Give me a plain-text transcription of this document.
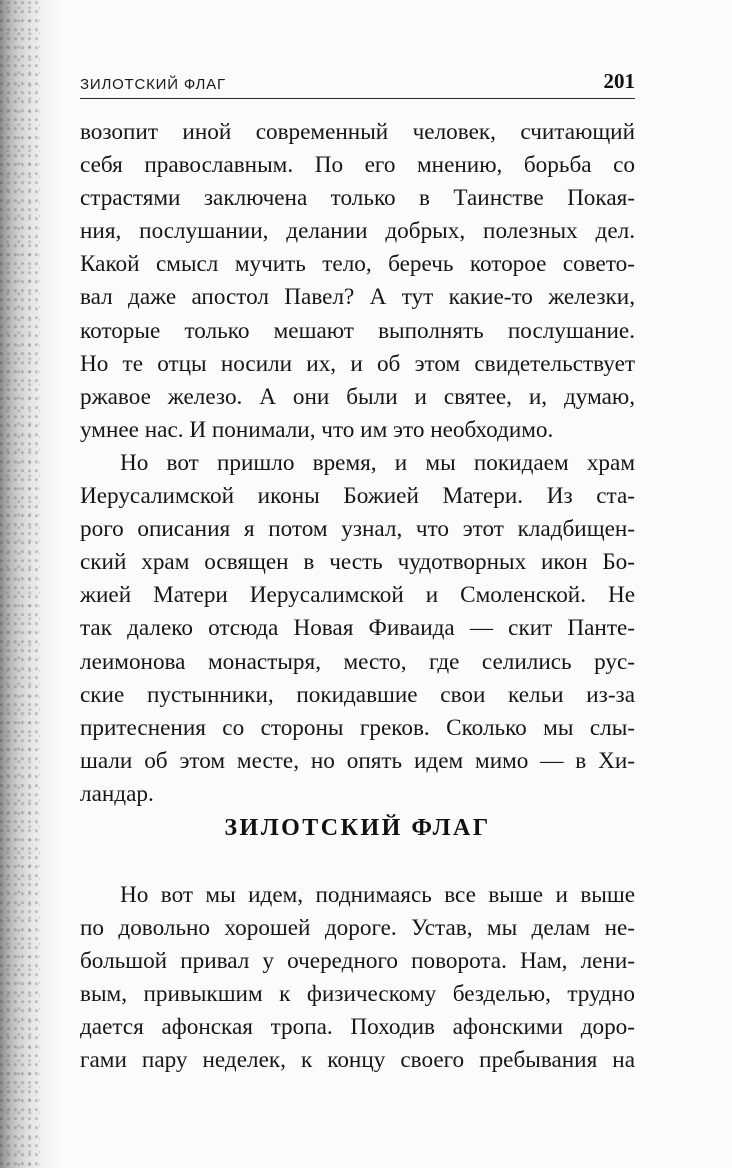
ЗИЛОТСКИЙ ФЛАГ	201
возопит иной современный человек, считающий
себя православным. По его мнению, борьба со
страстями заключена только в Таинстве Покая-
ния, послушании, делании добрых, полезных дел.
Какой смысл мучить тело, беречь которое совето-
вал даже апостол Павел? А тут какие-то железки,
которые только мешают выполнять послушание.
Но те отцы носили их, и об этом свидетельствует
ржавое железо. А они были и святее, и, думаю,
умнее нас. И понимали, что им это необходимо.
Но вот пришло время, и мы покидаем храм
Иерусалимской иконы Божией Матери. Из ста-
рого описания я потом узнал, что этот кладбищен-
ский храм освящен в честь чудотворных икон Бо-
жией Матери Иерусалимской и Смоленской. Не
так далеко отсюда Новая Фиваида — скит Панте-
леимонова монастыря, место, где селились рус-
ские пустынники, покидавшие свои кельи из-за
притеснения со стороны греков. Сколько мы слы-
шали об этом месте, но опять идем мимо — в Хи-
ландар.
ЗИЛОТСКИЙ ФЛАГ
Но вот мы идем, поднимаясь все выше и выше
по довольно хорошей дороге. Устав, мы делам не-
большой привал у очередного поворота. Нам, лени-
вым, привыкшим к физическому безделью, трудно
дается афонская тропа. Походив афонскими доро-
гами пару неделек, к концу своего пребывания на
